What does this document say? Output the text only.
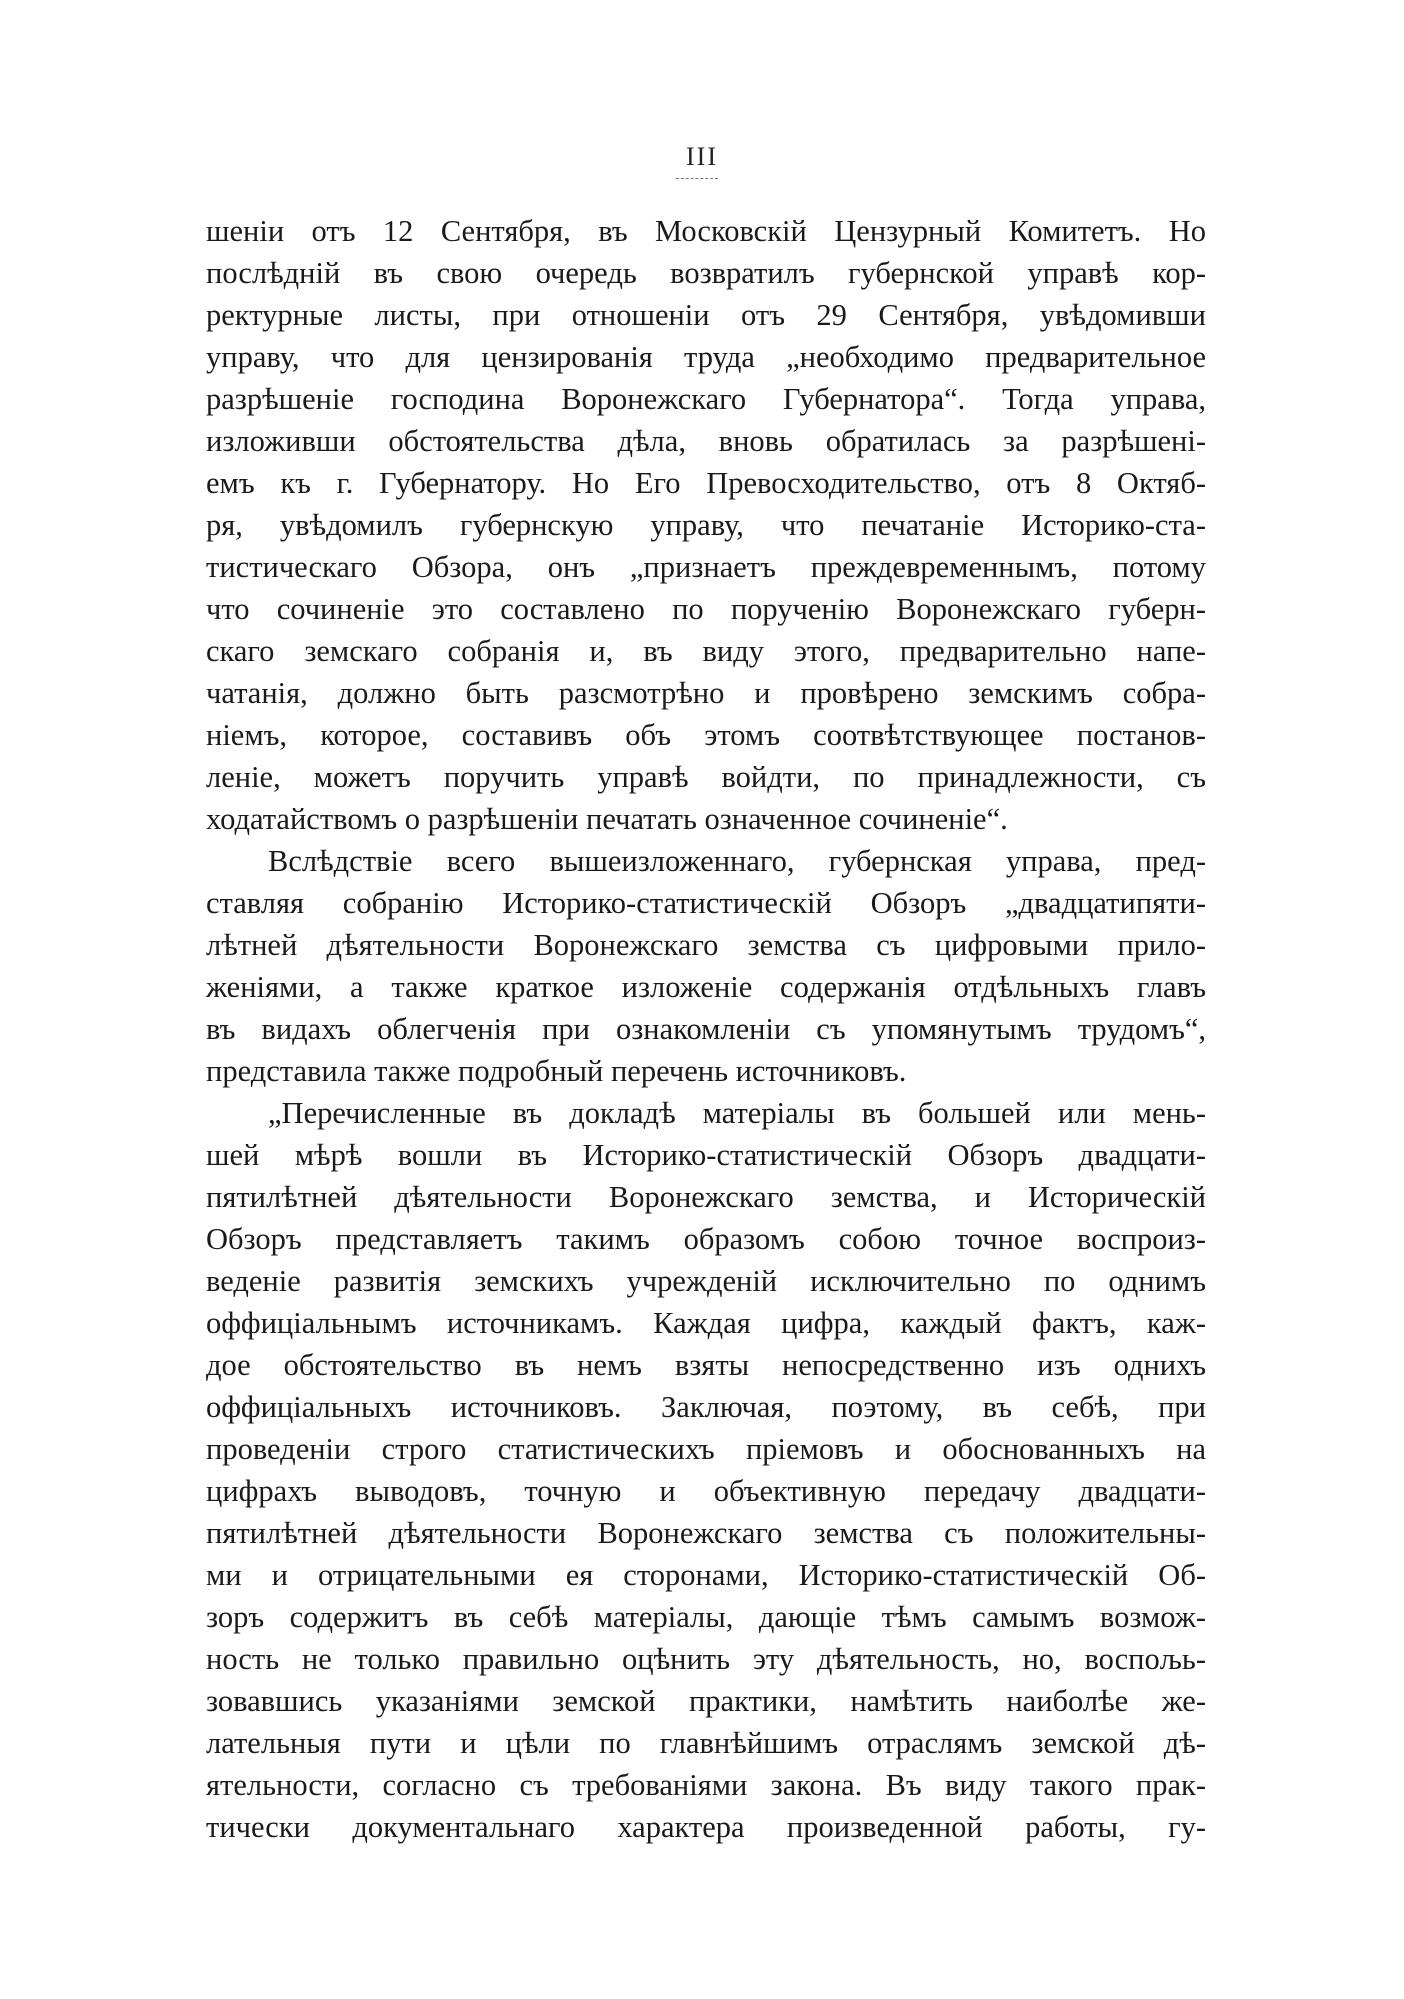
III
шеніи отъ 12 Сентября, въ Московскій Цензурный Комитетъ. Но
послѣдній въ свою очередь возвратилъ губернской управѣ кор-
ректурные листы, при отношеніи отъ 29 Сентября, увѣдомивши
управу, что для цензированія труда „необходимо предварительное
разрѣшеніе господина Воронежскаго Губернатора“. Тогда управа,
изложивши обстоятельства дѣла, вновь обратилась за разрѣшені-
емъ къ г. Губернатору. Но Его Превосходительство, отъ 8 Октяб-
ря, увѣдомилъ губернскую управу, что печатаніе Историко-ста-
тистическаго Обзора, онъ „признаетъ преждевременнымъ, потому
что сочиненіе это составлено по порученію Воронежскаго губерн-
скаго земскаго собранія и, въ виду этого, предварительно напе-
чатанія, должно быть разсмотрѣно и провѣрено земскимъ собра-
ніемъ, которое, составивъ объ этомъ соотвѣтствующее постанов-
леніе, можетъ поручить управѣ войдти, по принадлежности, съ
ходатайствомъ о разрѣшеніи печатать означенное сочиненіе“.
Вслѣдствіе всего вышеизложеннаго, губернская управа, пред-
ставляя собранію Историко-статистическій Обзоръ „двадцатипяти-
лѣтней дѣятельности Воронежскаго земства съ цифровыми прило-
женіями, а также краткое изложеніе содержанія отдѣльныхъ главъ
въ видахъ облегченія при ознакомленіи съ упомянутымъ трудомъ“,
представила также подробный перечень источниковъ.
„Перечисленные въ докладѣ матеріалы въ большей или мень-
шей мѣрѣ вошли въ Историко-статистическій Обзоръ двадцати-
пятилѣтней дѣятельности Воронежскаго земства, и Историческій
Обзоръ представляетъ такимъ образомъ собою точное воспроиз-
веденіе развитія земскихъ учрежденій исключительно по однимъ
оффиціальнымъ источникамъ. Каждая цифра, каждый фактъ, каж-
дое обстоятельство въ немъ взяты непосредственно изъ однихъ
оффиціальныхъ источниковъ. Заключая, поэтому, въ себѣ, при
проведеніи строго статистическихъ пріемовъ и обоснованныхъ на
цифрахъ выводовъ, точную и объективную передачу двадцати-
пятилѣтней дѣятельности Воронежскаго земства съ положительны-
ми и отрицательными ея сторонами, Историко-статистическій Об-
зоръ содержитъ въ себѣ матеріалы, дающіе тѣмъ самымъ возмож-
ность не только правильно оцѣнить эту дѣятельность, но, воспољь-
зовавшись указаніями земской практики, намѣтить наиболѣе же-
лательныя пути и цѣли по главнѣйшимъ отраслямъ земской дѣ-
ятельности, согласно съ требованіями закона. Въ виду такого прак-
тически документальнаго характера произведенной работы, гу-
